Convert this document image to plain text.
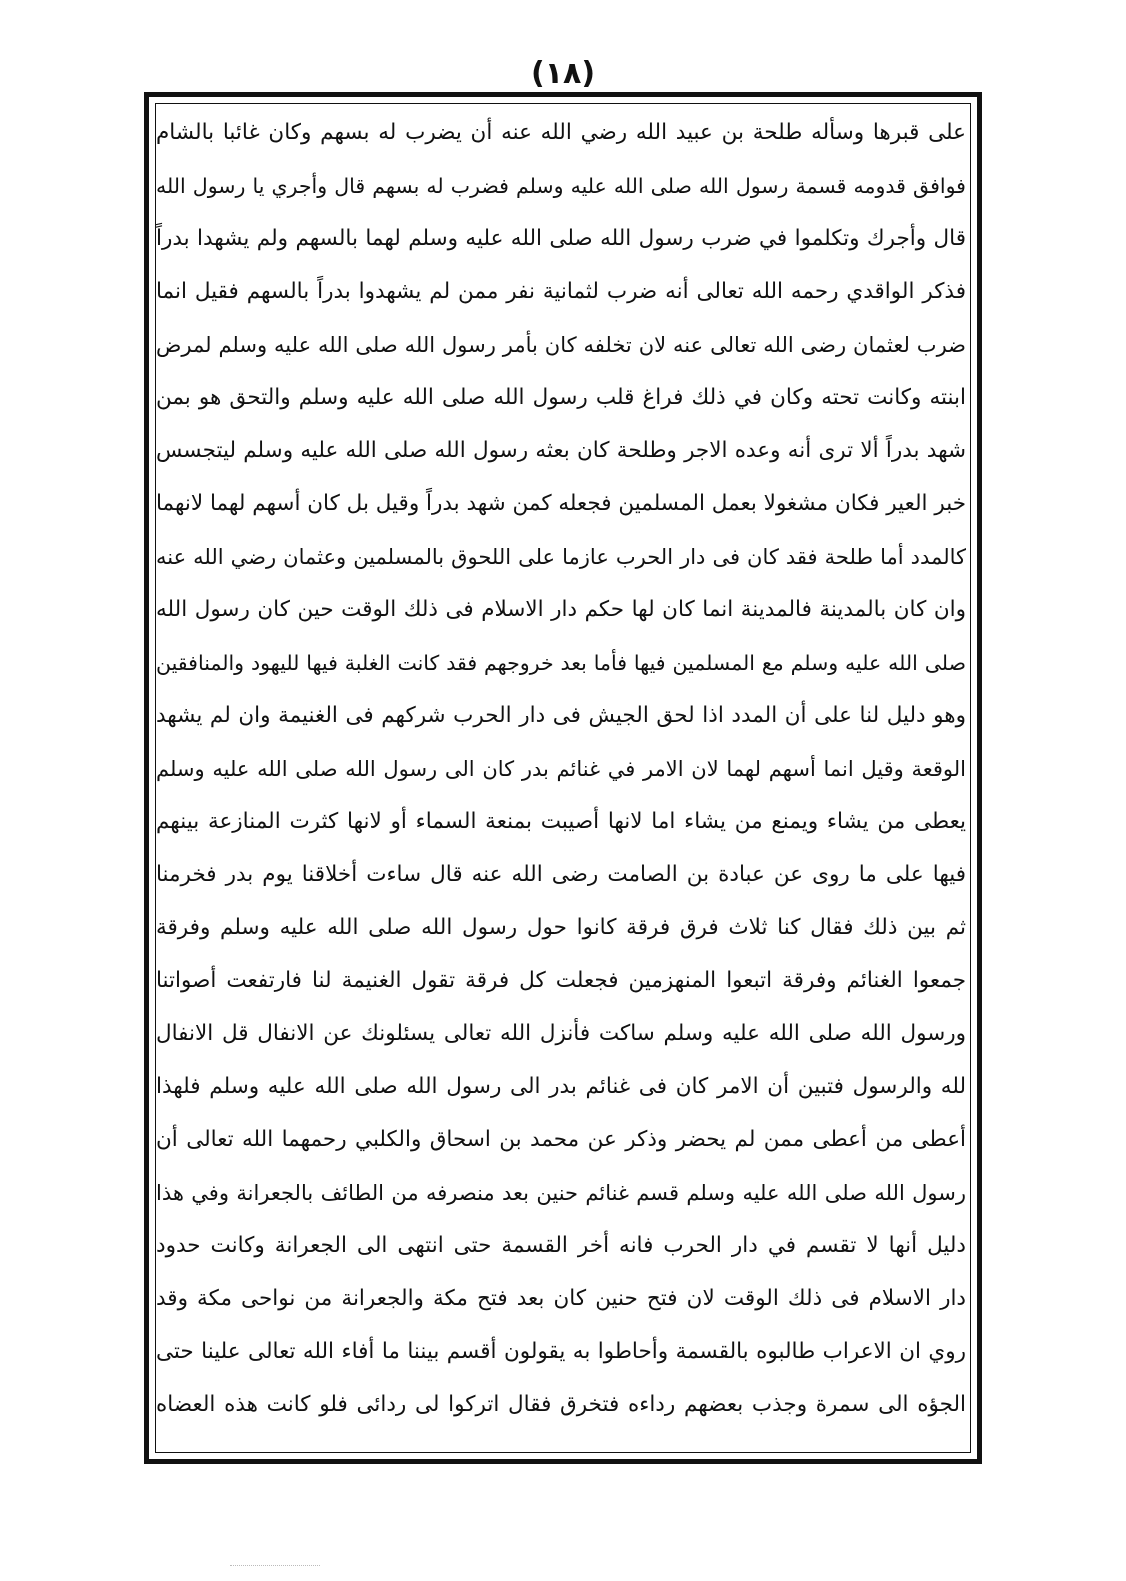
(١٨)
على قبرها وسأله طلحة بن عبيد الله رضي الله عنه أن يضرب له بسهم وكان غائبا بالشام
فوافق قدومه قسمة رسول الله صلى الله عليه وسلم فضرب له بسهم قال وأجري يا رسول الله
قال وأجرك وتكلموا في ضرب رسول الله صلى الله عليه وسلم لهما بالسهم ولم يشهدا بدراً
فذكر الواقدي رحمه الله تعالى أنه ضرب لثمانية نفر ممن لم يشهدوا بدراً بالسهم فقيل انما
ضرب لعثمان رضى الله تعالى عنه لان تخلفه كان بأمر رسول الله صلى الله عليه وسلم لمرض
ابنته وكانت تحته وكان في ذلك فراغ قلب رسول الله صلى الله عليه وسلم والتحق هو بمن
شهد بدراً ألا ترى أنه وعده الاجر وطلحة كان بعثه رسول الله صلى الله عليه وسلم ليتجسس
خبر العير فكان مشغولا بعمل المسلمين فجعله كمن شهد بدراً وقيل بل كان أسهم لهما لانهما
كالمدد أما طلحة فقد كان فى دار الحرب عازما على اللحوق بالمسلمين وعثمان رضي الله عنه
وان كان بالمدينة فالمدينة انما كان لها حكم دار الاسلام فى ذلك الوقت حين كان رسول الله
صلى الله عليه وسلم مع المسلمين فيها فأما بعد خروجهم فقد كانت الغلبة فيها لليهود والمنافقين
وهو دليل لنا على أن المدد اذا لحق الجيش فى دار الحرب شركهم فى الغنيمة وان لم يشهد
الوقعة وقيل انما أسهم لهما لان الامر في غنائم بدر كان الى رسول الله صلى الله عليه وسلم
يعطى من يشاء ويمنع من يشاء اما لانها أصيبت بمنعة السماء أو لانها كثرت المنازعة بينهم
فيها على ما روى عن عبادة بن الصامت رضى الله عنه قال ساءت أخلاقنا يوم بدر فخرمنا
ثم بين ذلك فقال كنا ثلاث فرق فرقة كانوا حول رسول الله صلى الله عليه وسلم وفرقة
جمعوا الغنائم وفرقة اتبعوا المنهزمين فجعلت كل فرقة تقول الغنيمة لنا فارتفعت أصواتنا
ورسول الله صلى الله عليه وسلم ساكت فأنزل الله تعالى يسئلونك عن الانفال قل الانفال
لله والرسول فتبين أن الامر كان فى غنائم بدر الى رسول الله صلى الله عليه وسلم فلهذا
أعطى من أعطى ممن لم يحضر وذكر عن محمد بن اسحاق والكلبي رحمهما الله تعالى أن
رسول الله صلى الله عليه وسلم قسم غنائم حنين بعد منصرفه من الطائف بالجعرانة وفي هذا
دليل أنها لا تقسم في دار الحرب فانه أخر القسمة حتى انتهى الى الجعرانة وكانت حدود
دار الاسلام فى ذلك الوقت لان فتح حنين كان بعد فتح مكة والجعرانة من نواحى مكة وقد
روي ان الاعراب طالبوه بالقسمة وأحاطوا به يقولون أقسم بيننا ما أفاء الله تعالى علينا حتى
الجؤه الى سمرة وجذب بعضهم رداءه فتخرق فقال اتركوا لى ردائى فلو كانت هذه العضاه
